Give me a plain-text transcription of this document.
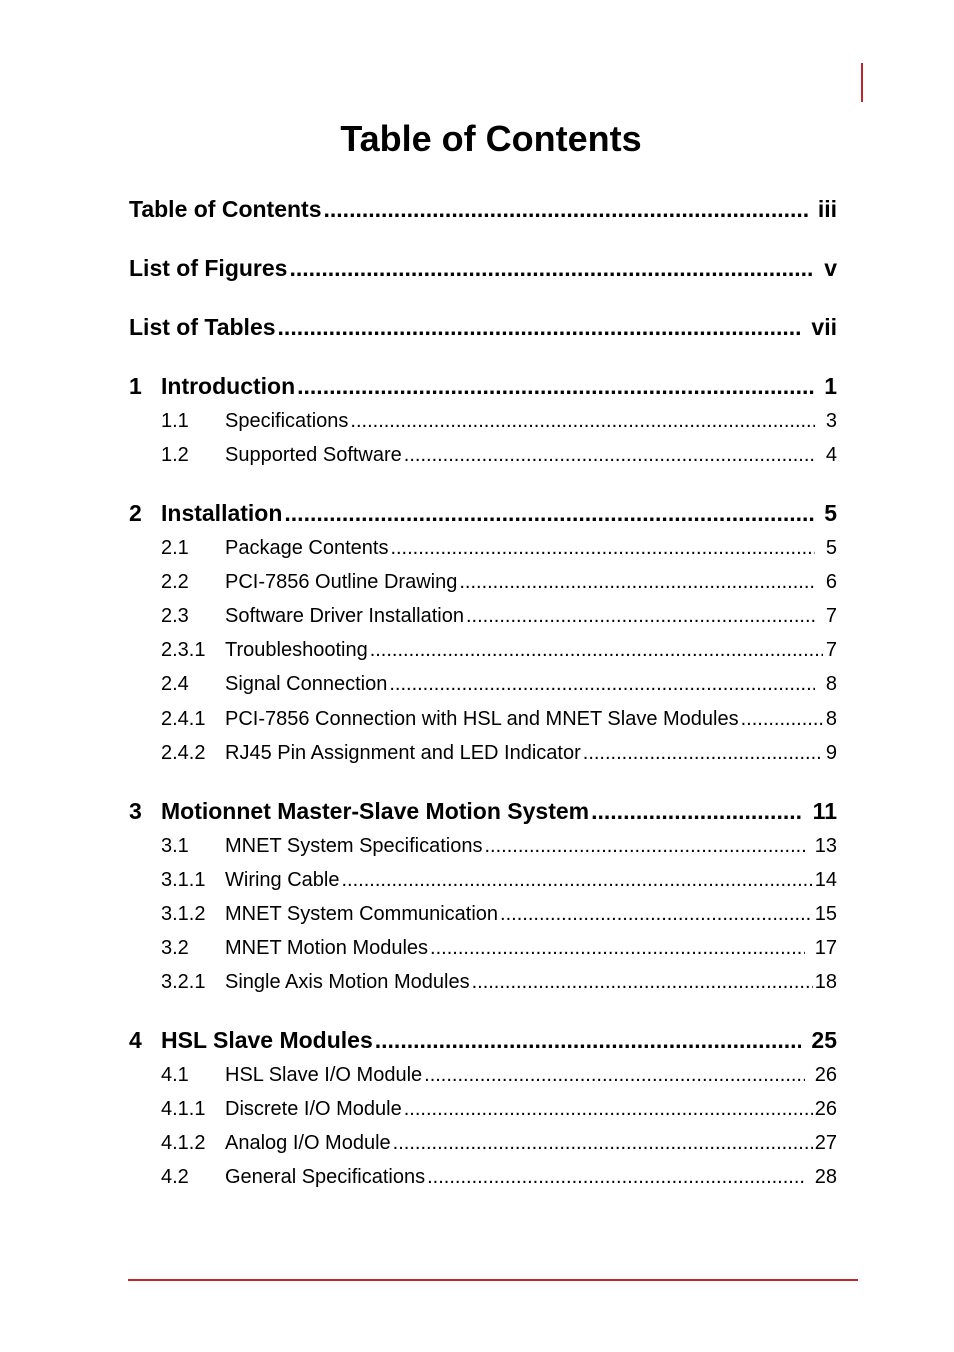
Table of Contents
Table of Contents .....	iii
List of Figures .....	v
List of Tables .....	vii
1 Introduction .....	1
1.1	Specifications .....	3
1.2	Supported Software .....	4
2 Installation .....	5
2.1	Package Contents .....	5
2.2	PCI-7856 Outline Drawing .....	6
2.3	Software Driver Installation .....	7
2.3.1 Troubleshooting .....	7
2.4	Signal Connection .....	8
2.4.1 PCI-7856 Connection with HSL and MNET Slave Modules .....	8
2.4.2 RJ45 Pin Assignment and LED Indicator .....	9
3 Motionnet Master-Slave Motion System .....	11
3.1	MNET System Specifications .....	13
3.1.1 Wiring Cable .....	14
3.1.2 MNET System Communication .....	15
3.2	MNET Motion Modules .....	17
3.2.1 Single Axis Motion Modules .....	18
4 HSL Slave Modules .....	25
4.1	HSL Slave I/O Module .....	26
4.1.1 Discrete I/O Module .....	26
4.1.2 Analog I/O Module .....	27
4.2	General Specifications .....	28
